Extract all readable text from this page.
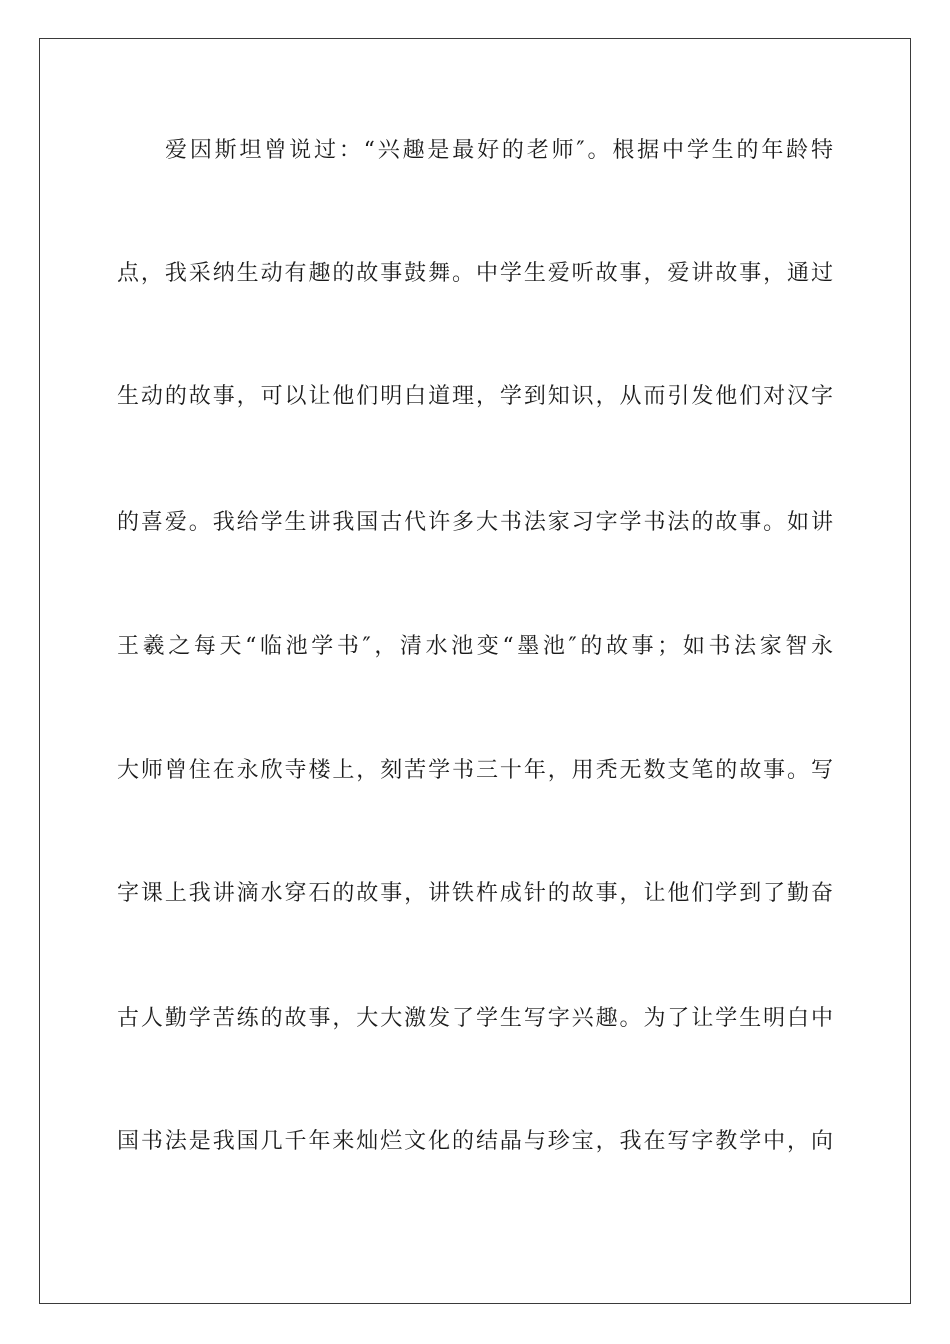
爱因斯坦曾说过：“兴趣是最好的老师″。根据中学生的年龄特
点，我采纳生动有趣的故事鼓舞。中学生爱听故事，爱讲故事，通过
生动的故事，可以让他们明白道理，学到知识，从而引发他们对汉字
的喜爱。我给学生讲我国古代许多大书法家习字学书法的故事。如讲
王羲之每天“临池学书″，清水池变“墨池″的故事；如书法家智永
大师曾住在永欣寺楼上，刻苦学书三十年，用秃无数支笔的故事。写
字课上我讲滴水穿石的故事，讲铁杵成针的故事，让他们学到了勤奋
古人勤学苦练的故事，大大激发了学生写字兴趣。为了让学生明白中
国书法是我国几千年来灿烂文化的结晶与珍宝，我在写字教学中，向
